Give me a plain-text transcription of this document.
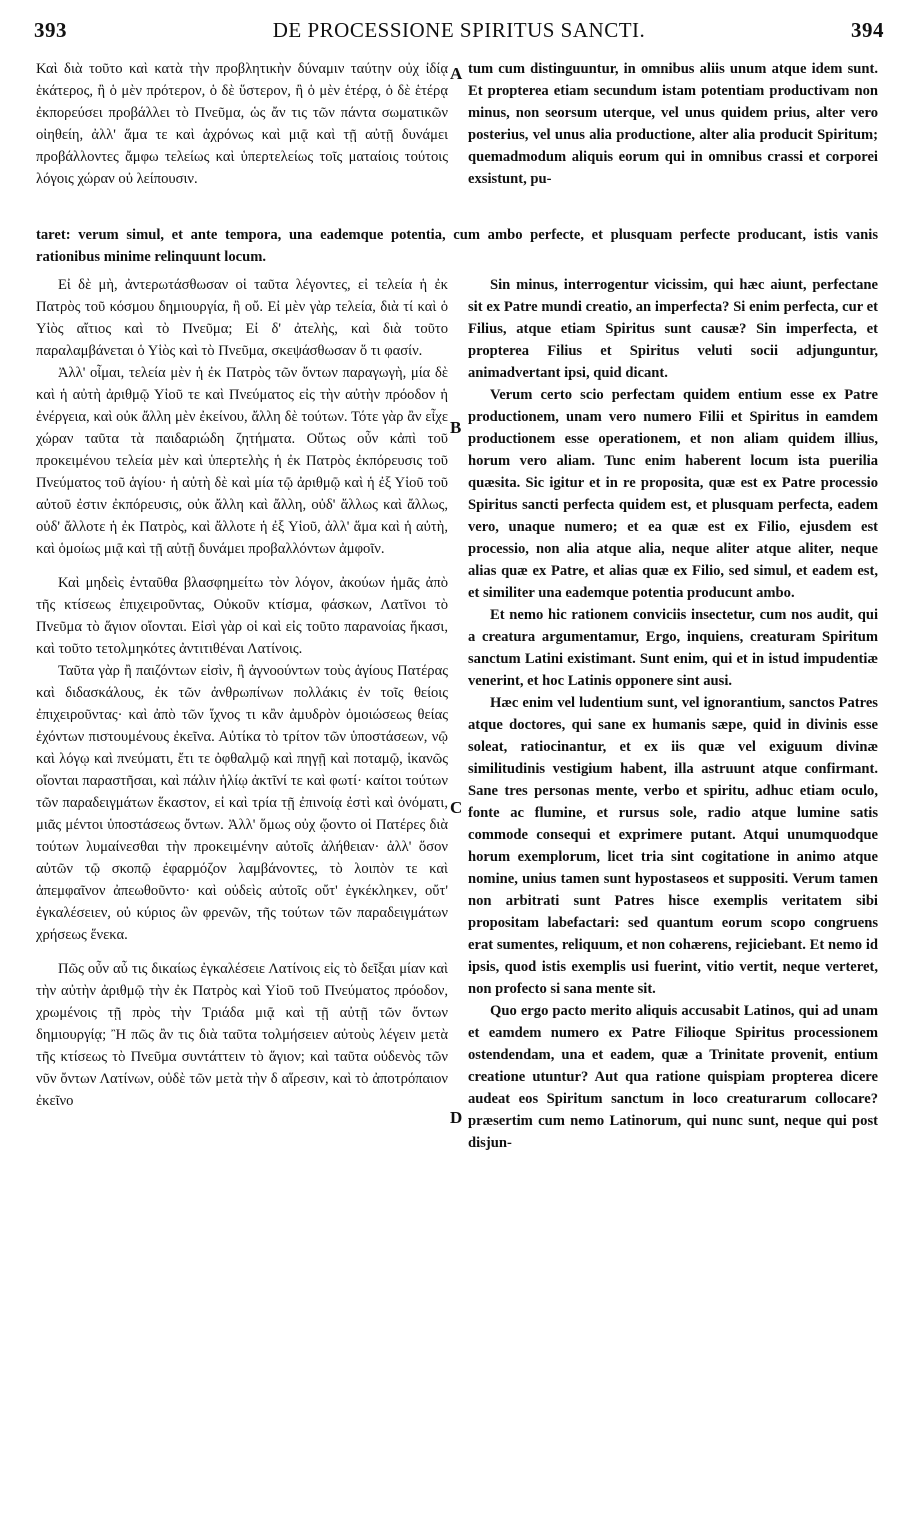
393	DE PROCESSIONE SPIRITUS SANCTI.	394

Καὶ διὰ τοῦτο καὶ κατὰ τὴν προβλητικὴν δύναμιν ταύτην οὐχ ἰδίᾳ ἑκάτερος, ἢ ὁ μὲν πρότερον, ὁ δὲ ὕστερον, ἢ ὁ μὲν ἑτέρᾳ, ὁ δὲ ἑτέρᾳ ἐκπορεύσει προβάλλει τὸ Πνεῦμα, ὡς ἄν τις τῶν πάντα σωματικῶν οἰηθείη, ἀλλ' ἅμα τε καὶ ἀχρόνως καὶ μιᾷ καὶ τῇ αὐτῇ δυνάμει προβάλλοντες ἄμφω τελείως καὶ ὑπερτελείως τοῖς ματαίοις τούτοις λόγοις χώραν οὐ λείπουσιν.

tum cum distinguuntur, in omnibus aliis unum atque idem sunt. Et propterea etiam secundum istam potentiam productivam non minus, non seorsum uterque, vel unus quidem prius, alter vero posterius, vel unus alia productione, alter alia producit Spiritum; quemadmodum aliquis eorum qui in omnibus crassi et corporei exsistunt, pu-

taret: verum simul, et ante tempora, una eademque potentia, cum ambo perfecte, et plusquam perfecte producant, istis vanis rationibus minime relinquunt locum.

A
B
C
D

Εἰ δὲ μὴ, ἀντερωτάσθωσαν οἱ ταῦτα λέγοντες, εἰ τελεία ἡ ἐκ Πατρὸς τοῦ κόσμου δημιουργία, ἢ οὔ. Εἰ μὲν γὰρ τελεία, διὰ τί καὶ ὁ Υἱὸς αἴτιος καὶ τὸ Πνεῦμα; Εἰ δ' ἀτελὴς, καὶ διὰ τοῦτο παραλαμβάνεται ὁ Υἱὸς καὶ τὸ Πνεῦμα, σκεψάσθωσαν ὅ τι φασίν.

Ἀλλ' οἶμαι, τελεία μὲν ἡ ἐκ Πατρὸς τῶν ὄντων παραγωγὴ, μία δὲ καὶ ἡ αὐτὴ ἀριθμῷ Υἱοῦ τε καὶ Πνεύματος εἰς τὴν αὐτὴν πρόοδον ἡ ἐνέργεια, καὶ οὐκ ἄλλη μὲν ἐκείνου, ἄλλη δὲ τούτων. Τότε γὰρ ἂν εἶχε χώραν ταῦτα τὰ παιδαριώδη ζητήματα. Οὕτως οὖν κἀπὶ τοῦ προκειμένου τελεία μὲν καὶ ὑπερτελὴς ἡ ἐκ Πατρὸς ἐκπόρευσις τοῦ Πνεύματος τοῦ ἁγίου· ἡ αὐτὴ δὲ καὶ μία τῷ ἀριθμῷ καὶ ἡ ἐξ Υἱοῦ τοῦ αὐτοῦ ἐστιν ἐκπόρευσις, οὐκ ἄλλη καὶ ἄλλη, οὐδ' ἄλλως καὶ ἄλλως, οὐδ' ἄλλοτε ἡ ἐκ Πατρὸς, καὶ ἄλλοτε ἡ ἐξ Υἱοῦ, ἀλλ' ἅμα καὶ ἡ αὐτὴ, καὶ ὁμοίως μιᾷ καὶ τῇ αὐτῇ δυνάμει προβαλλόντων ἀμφοῖν.

Καὶ μηδεὶς ἐνταῦθα βλασφημείτω τὸν λόγον, ἀκούων ἡμᾶς ἀπὸ τῆς κτίσεως ἐπιχειροῦντας, Οὐκοῦν κτίσμα, φάσκων, Λατῖνοι τὸ Πνεῦμα τὸ ἅγιον οἴονται. Εἰσὶ γὰρ οἱ καὶ εἰς τοῦτο παρανοίας ἥκασι, καὶ τοῦτο τετολμηκότες ἀντιτιθέναι Λατίνοις.

Ταῦτα γὰρ ἢ παιζόντων εἰσὶν, ἢ ἀγνοούντων τοὺς ἁγίους Πατέρας καὶ διδασκάλους, ἐκ τῶν ἀνθρωπίνων πολλάκις ἐν τοῖς θείοις ἐπιχειροῦντας· καὶ ἀπὸ τῶν ἴχνος τι κἂν ἀμυδρὸν ὁμοιώσεως θείας ἐχόντων πιστουμένους ἐκεῖνα. Αὐτίκα τὸ τρίτον τῶν ὑποστάσεων, νῷ καὶ λόγῳ καὶ πνεύματι, ἔτι τε ὀφθαλμῷ καὶ πηγῇ καὶ ποταμῷ, ἱκανῶς οἴονται παραστῆσαι, καὶ πάλιν ἡλίῳ ἀκτῖνί τε καὶ φωτί· καίτοι τούτων τῶν παραδειγμάτων ἕκαστον, εἰ καὶ τρία τῇ ἐπινοίᾳ ἐστὶ καὶ ὀνόματι, μιᾶς μέντοι ὑποστάσεως ὄντων. Ἀλλ' ὅμως οὐχ ᾤοντο οἱ Πατέρες διὰ τούτων λυμαίνεσθαι τὴν προκειμένην αὐτοῖς ἀλήθειαν· ἀλλ' ὅσον αὐτῶν τῷ σκοπῷ ἐφαρμόζον λαμβάνοντες, τὸ λοιπὸν τε καὶ ἀπεμφαῖνον ἀπεωθοῦντο· καὶ οὐδεὶς αὐτοῖς οὔτ' ἐγκέκληκεν, οὔτ' ἐγκαλέσειεν, οὐ κύριος ὢν φρενῶν, τῆς τούτων τῶν παραδειγμάτων χρήσεως ἕνεκα.

Πῶς οὖν αὖ τις δικαίως ἐγκαλέσειε Λατίνοις εἰς τὸ δεῖξαι μίαν καὶ τὴν αὐτὴν ἀριθμῷ τὴν ἐκ Πατρὸς καὶ Υἱοῦ τοῦ Πνεύματος πρόοδον, χρωμένοις τῇ πρὸς τὴν Τριάδα μιᾷ καὶ τῇ αὐτῇ τῶν ὄντων δημιουργίᾳ; Ἢ πῶς ἂν τις διὰ ταῦτα τολμήσειεν αὐτοὺς λέγειν μετὰ τῆς κτίσεως τὸ Πνεῦμα συντάττειν τὸ ἅγιον; καὶ ταῦτα οὐδενὸς τῶν νῦν ὄντων Λατίνων, οὐδὲ τῶν μετὰ τὴν δ αἵρεσιν, καὶ τὸ ἀποτρόπαιον ἐκεῖνο

Sin minus, interrogentur vicissim, qui hæc aiunt, perfectane sit ex Patre mundi creatio, an imperfecta? Si enim perfecta, cur et Filius, atque etiam Spiritus sunt causæ? Sin imperfecta, et propterea Filius et Spiritus veluti socii adjunguntur, animadvertant ipsi, quid dicant.

Verum certo scio perfectam quidem entium esse ex Patre productionem, unam vero numero Filii et Spiritus in eamdem productionem esse operationem, et non aliam quidem illius, horum vero aliam. Tunc enim haberent locum ista puerilia quæsita. Sic igitur et in re proposita, quæ est ex Patre processio Spiritus sancti perfecta quidem est, et plusquam perfecta, eadem vero, unaque numero; et ea quæ est ex Filio, ejusdem est processio, non alia atque alia, neque aliter atque aliter, neque alias quæ ex Patre, et alias quæ ex Filio, sed simul, et eadem est, et similiter una eademque potentia producunt ambo.

Et nemo hic rationem conviciis insectetur, cum nos audit, qui a creatura argumentamur, Ergo, inquiens, creaturam Spiritum sanctum Latini existimant. Sunt enim, qui et in istud impudentiæ venerint, et hoc Latinis opponere sint ausi.

Hæc enim vel ludentium sunt, vel ignorantium, sanctos Patres atque doctores, qui sane ex humanis sæpe, quid in divinis esse soleat, ratiocinantur, et ex iis quæ vel exiguum divinæ similitudinis vestigium habent, illa astruunt atque confirmant. Sane tres personas mente, verbo et spiritu, adhuc etiam oculo, fonte ac flumine, et rursus sole, radio atque lumine satis commode consequi et exprimere putant. Atqui unumquodque horum exemplorum, licet tria sint cogitatione in animo atque nomine, unius tamen sunt hypostaseos et suppositi. Verum tamen non arbitrati sunt Patres hisce exemplis veritatem sibi propositam labefactari: sed quantum eorum scopo congruens erat sumentes, reliquum, et non cohærens, rejiciebant. Et nemo id ipsis, quod istis exemplis usi fuerint, vitio vertit, neque verteret, non profecto si sana mente sit.

Quo ergo pacto merito aliquis accusabit Latinos, qui ad unam et eamdem numero ex Patre Filioque Spiritus processionem ostendendam, una et eadem, quæ a Trinitate provenit, entium creatione utuntur? Aut qua ratione quispiam propterea dicere audeat eos Spiritum sanctum in loco creaturarum collocare? præsertim cum nemo Latinorum, qui nunc sunt, neque qui post disjun-
